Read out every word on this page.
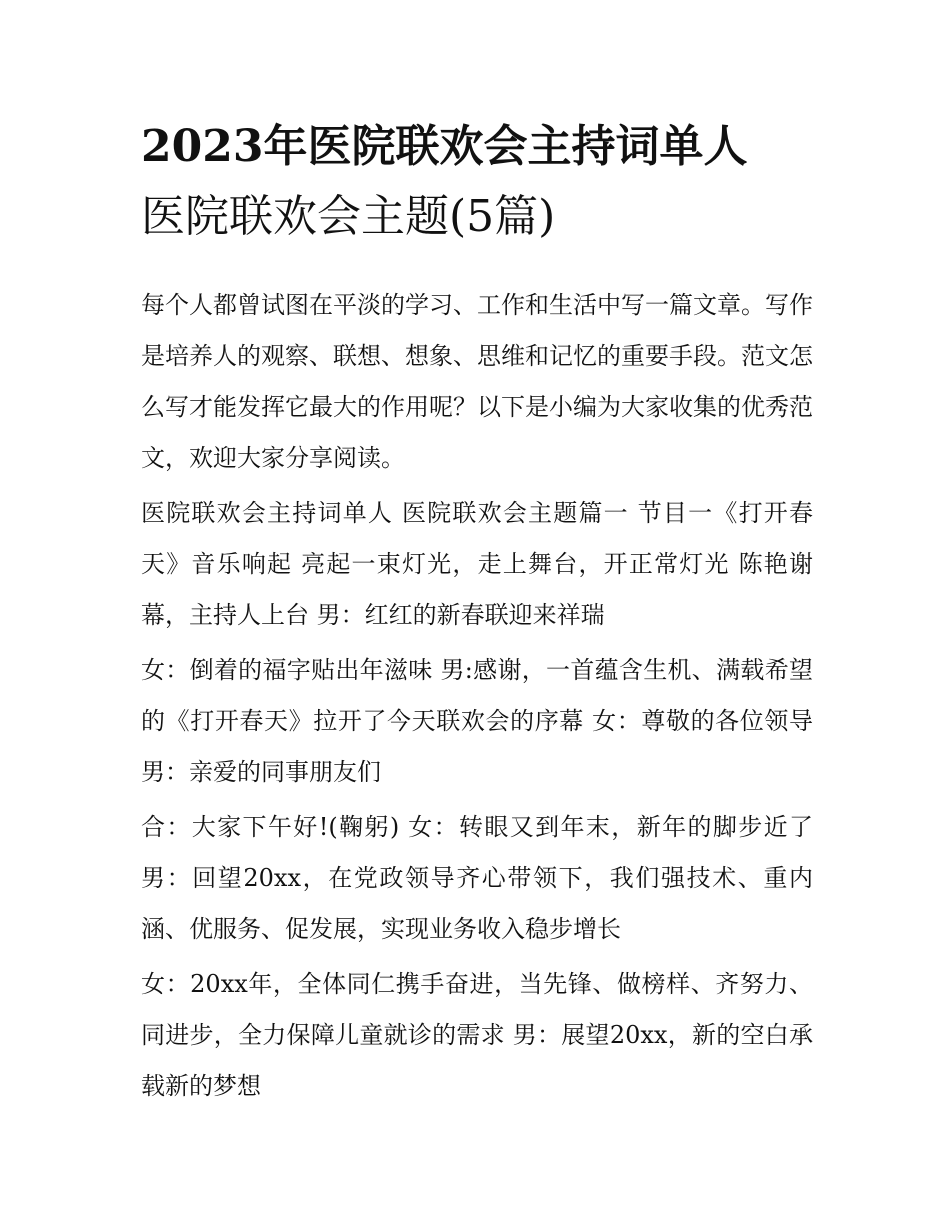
2023年医院联欢会主持词单人
医院联欢会主题(5篇)

每个人都曾试图在平淡的学习、工作和生活中写一篇文章。写作是培养人的观察、联想、想象、思维和记忆的重要手段。范文怎么写才能发挥它最大的作用呢？以下是小编为大家收集的优秀范文，欢迎大家分享阅读。

医院联欢会主持词单人 医院联欢会主题篇一 节目一《打开春天》音乐响起 亮起一束灯光，走上舞台，开正常灯光 陈艳谢幕，主持人上台 男：红红的新春联迎来祥瑞

女：倒着的福字贴出年滋味 男:感谢，一首蕴含生机、满载希望的《打开春天》拉开了今天联欢会的序幕 女：尊敬的各位领导 男：亲爱的同事朋友们

合：大家下午好!(鞠躬) 女：转眼又到年末，新年的脚步近了 男：回望20xx，在党政领导齐心带领下，我们强技术、重内涵、优服务、促发展，实现业务收入稳步增长

女：20xx年，全体同仁携手奋进，当先锋、做榜样、齐努力、同进步，全力保障儿童就诊的需求 男：展望20xx，新的空白承载新的梦想
